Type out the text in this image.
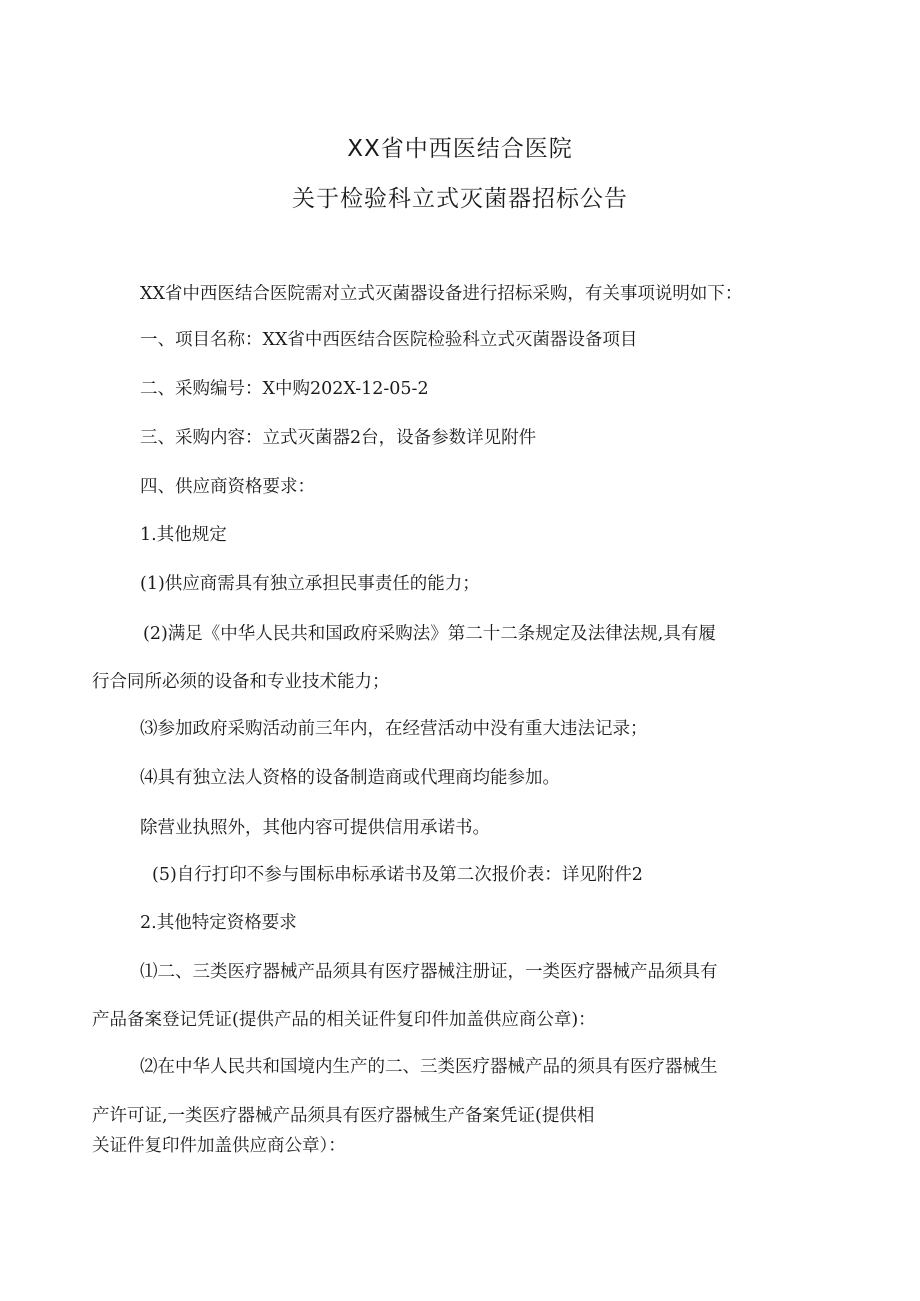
XX省中西医结合医院
关于检验科立式灭菌器招标公告
XX省中西医结合医院需对立式灭菌器设备进行招标采购，有关事项说明如下：
一、项目名称：XX省中西医结合医院检验科立式灭菌器设备项目
二、采购编号：X中购202X-12-05-2
三、采购内容：立式灭菌器2台，设备参数详见附件
四、供应商资格要求：
1.其他规定
(1)供应商需具有独立承担民事责任的能力；
(2)满足《中华人民共和国政府采购法》第二十二条规定及法律法规,具有履
行合同所必须的设备和专业技术能力；
⑶参加政府采购活动前三年内，在经营活动中没有重大违法记录；
⑷具有独立法人资格的设备制造商或代理商均能参加。
除营业执照外，其他内容可提供信用承诺书。
(5)自行打印不参与围标串标承诺书及第二次报价表：详见附件2
2.其他特定资格要求
⑴二、三类医疗器械产品须具有医疗器械注册证，一类医疗器械产品须具有
产品备案登记凭证(提供产品的相关证件复印件加盖供应商公章)：
⑵在中华人民共和国境内生产的二、三类医疗器械产品的须具有医疗器械生
产许可证,一类医疗器械产品须具有医疗器械生产备案凭证(提供相
关证件复印件加盖供应商公章）：
